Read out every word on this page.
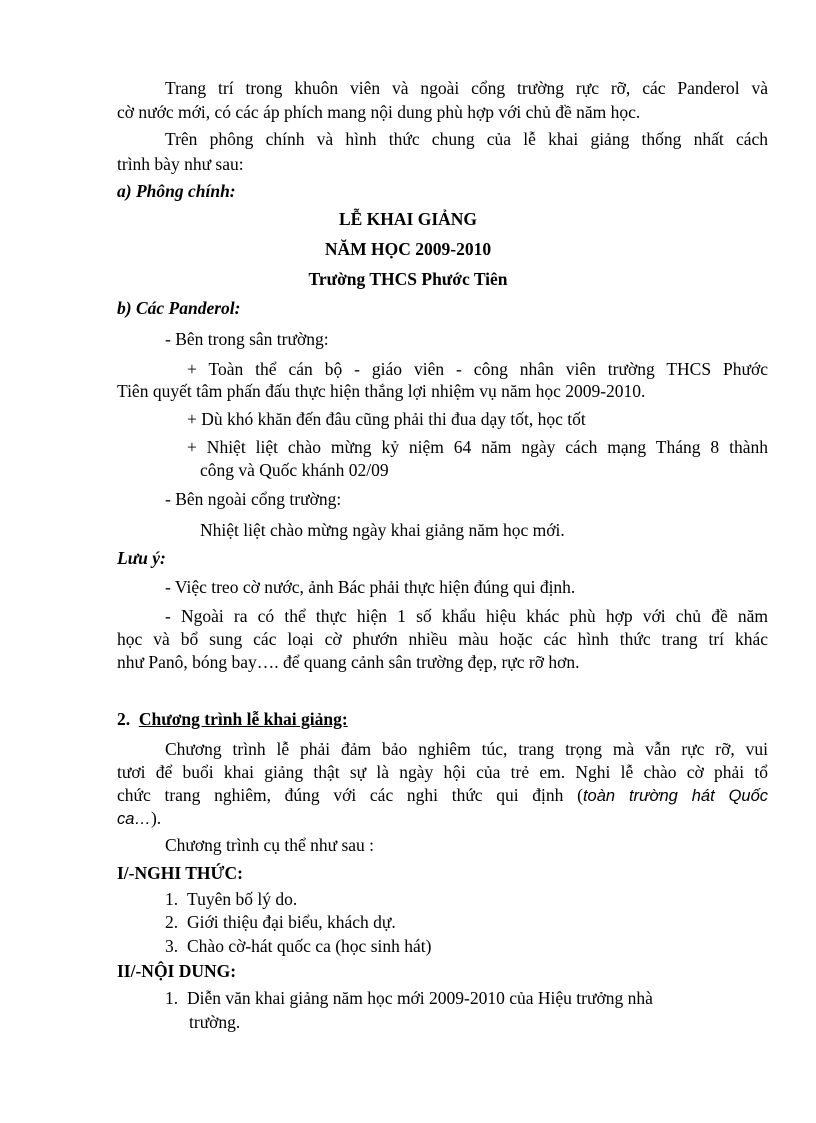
Trang trí trong khuôn viên và ngoài cổng trường rực rỡ, các Panderol và
cờ nước mới, có các áp phích mang nội dung phù hợp với chủ đề năm học.
Trên phông chính và hình thức chung của lễ khai giảng thống nhất cách
trình bày như sau:
a) Phông chính:
LỄ KHAI GIẢNG
NĂM HỌC 2009-2010
Trường THCS Phước Tiên
b) Các Panderol:
- Bên trong sân trường:
+ Toàn thể cán bộ - giáo viên - công nhân viên trường THCS Phước
Tiên quyết tâm phấn đấu thực hiện thắng lợi nhiệm vụ năm học 2009-2010.
+ Dù khó khăn đến đâu cũng phải thi đua dạy tốt, học tốt
+ Nhiệt liệt chào mừng kỷ niệm 64 năm ngày cách mạng Tháng 8 thành
công và Quốc khánh 02/09
- Bên ngoài cổng trường:
Nhiệt liệt chào mừng ngày khai giảng năm học mới.
Lưu ý:
- Việc treo cờ nước, ảnh Bác phải thực hiện đúng qui định.
- Ngoài ra có thể thực hiện 1 số khẩu hiệu khác phù hợp với chủ đề năm
học và bổ sung các loại cờ phướn nhiều màu hoặc các hình thức trang trí khác
như Panô, bóng bay…. để quang cảnh sân trường đẹp, rực rỡ hơn.
2. Chương trình lễ khai giảng:
Chương trình lễ phải đảm bảo nghiêm túc, trang trọng mà vẫn rực rỡ, vui
tươi để buổi khai giảng thật sự là ngày hội của trẻ em. Nghi lễ chào cờ phải tổ
chức trang nghiêm, đúng với các nghi thức qui định (toàn trường hát Quốc
ca…).
Chương trình cụ thể như sau :
I/-NGHI THỨC:
1. Tuyên bố lý do.
2. Giới thiệu đại biểu, khách dự.
3. Chào cờ-hát quốc ca (học sinh hát)
II/-NỘI DUNG:
1. Diễn văn khai giảng năm học mới 2009-2010 của Hiệu trưởng nhà
trường.
